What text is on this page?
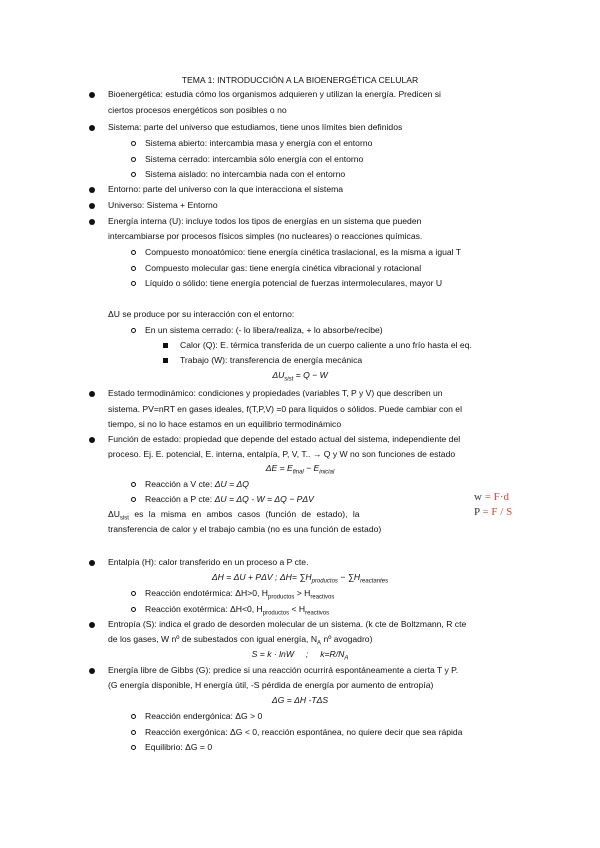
TEMA 1: INTRODUCCIÓN A LA BIOENERGÉTICA CELULAR
Bioenergética: estudia cómo los organismos adquieren y utilizan la energía. Predicen si
ciertos procesos energéticos son posibles o no
Sistema: parte del universo que estudiamos, tiene unos límites bien definidos
Sistema abierto: intercambia masa y energía con el entorno
Sistema cerrado: intercambia sólo energía con el entorno
Sistema aislado: no intercambia nada con el entorno
Entorno: parte del universo con la que interacciona el sistema
Universo: Sistema + Entorno
Energía interna (U): incluye todos los tipos de energías en un sistema que pueden
intercambiarse por procesos físicos simples (no nucleares) o reacciones químicas.
Compuesto monoatómico: tiene energía cinética traslacional, es la misma a igual T
Compuesto molecular gas: tiene energía cinética vibracional y rotacional
Líquido o sólido: tiene energía potencial de fuerzas intermoleculares, mayor U
ΔU se produce por su interacción con el entorno:
En un sistema cerrado: (- lo libera/realiza, + lo absorbe/recibe)
Calor (Q): E. térmica transferida de un cuerpo caliente a uno frío hasta el eq.
Trabajo (W): transferencia de energía mecánica
$\Delta U_{sist} = Q - W$
Estado termodinámico: condiciones y propiedades (variables T, P y V) que describen un
sistema. PV=nRT en gases ideales, f(T,P,V) =0 para líquidos o sólidos. Puede cambiar con el
tiempo, si no lo hace estamos en un equilibrio termodinámico
Función de estado: propiedad que depende del estado actual del sistema, independiente del
proceso. Ej. E. potencial, E. interna, entalpía, P, V, T.. → Q y W no son funciones de estado
$\Delta E = E_{final} - E_{inicial}$
Reacción a V cte: ΔU = ΔQ
Reacción a P cte: ΔU = ΔQ - W = ΔQ − PΔV
$\Delta U_{sist}$ es la misma en ambos casos (función de estado), la
transferencia de calor y el trabajo cambia (no es una función de estado)
w = F·d
P = F / S
Entalpía (H): calor transferido en un proceso a P cte.
ΔH = ΔU + PΔV ; $\Delta H= \sum H_{productos} - \sum H_{reactantes}$
Reacción endotérmica: ΔH>0, $H_{productos} > H_{reactivos}$
Reacción exotérmica: ΔH<0, $H_{productos} < H_{reactivos}$
Entropía (S): indica el grado de desorden molecular de un sistema. (k cte de Boltzmann, R cte
de los gases, W nº de subestados con igual energía, $N_A$ nº avogadro)
S = k · lnW     ;     $k=R/N_A$
Energía libre de Gibbs (G): predice si una reacción ocurrirá espontáneamente a cierta T y P.
(G energía disponible, H energía útil, -S pérdida de energía por aumento de entropía)
ΔG = ΔH -TΔS
Reacción endergónica: ΔG > 0
Reacción exergónica: ΔG < 0, reacción espontánea, no quiere decir que sea rápida
Equilibrio: ΔG = 0
